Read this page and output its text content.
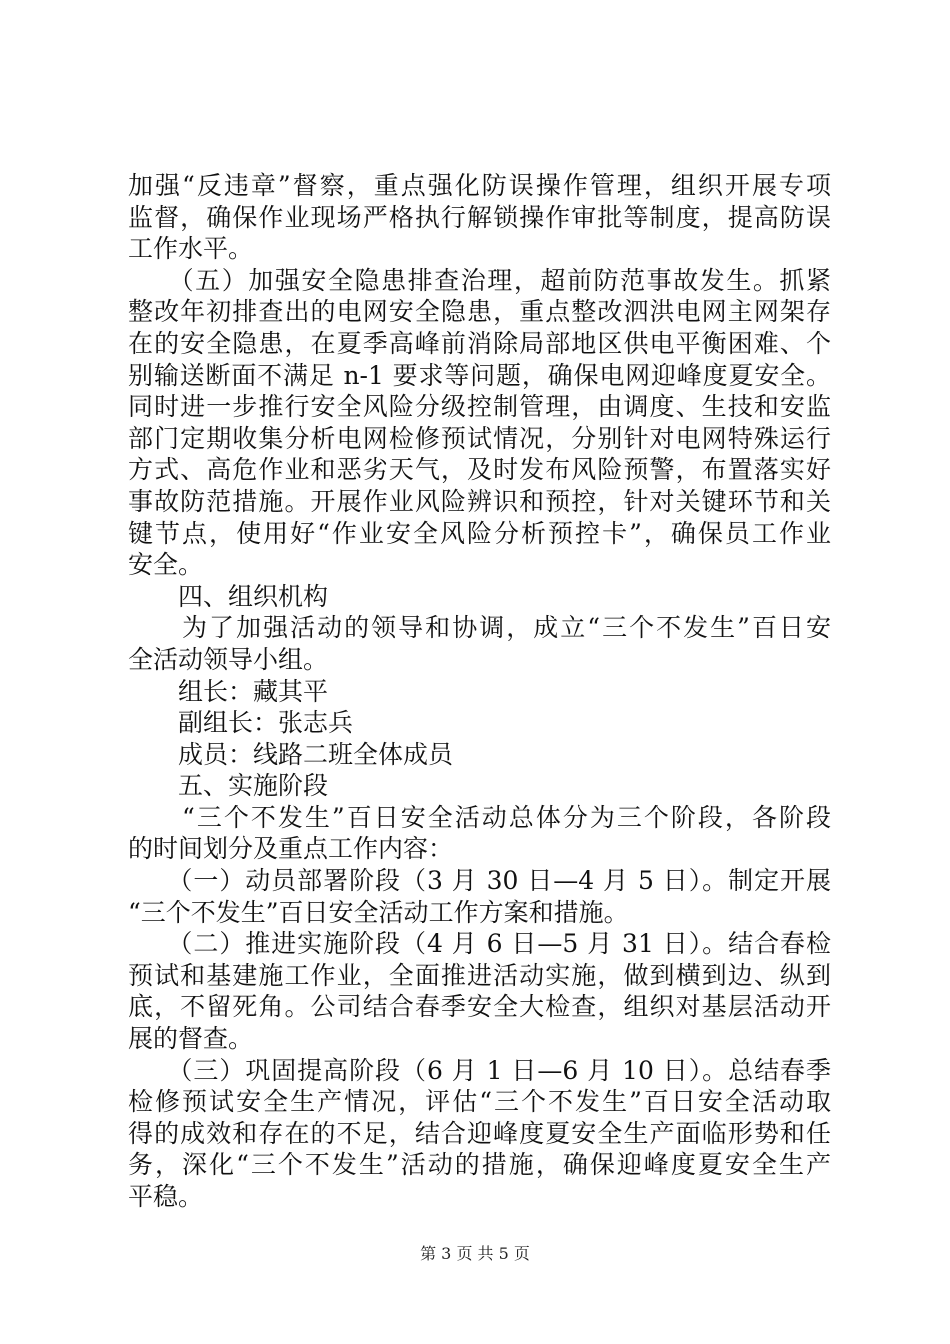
加强“反违章”督察，重点强化防误操作管理，组织开展专项
监督，确保作业现场严格执行解锁操作审批等制度，提高防误
工作水平。
　　（五）加强安全隐患排查治理，超前防范事故发生。抓紧
整改年初排查出的电网安全隐患，重点整改泗洪电网主网架存
在的安全隐患，在夏季高峰前消除局部地区供电平衡困难、个
别输送断面不满足 n-1 要求等问题，确保电网迎峰度夏安全。
同时进一步推行安全风险分级控制管理，由调度、生技和安监
部门定期收集分析电网检修预试情况，分别针对电网特殊运行
方式、高危作业和恶劣天气，及时发布风险预警，布置落实好
事故防范措施。开展作业风险辨识和预控，针对关键环节和关
键节点，使用好“作业安全风险分析预控卡”，确保员工作业
安全。
　　四、组织机构
　　为了加强活动的领导和协调，成立“三个不发生”百日安
全活动领导小组。
　　组长：藏其平
　　副组长：张志兵
　　成员：线路二班全体成员
　　五、实施阶段
　　“三个不发生”百日安全活动总体分为三个阶段，各阶段
的时间划分及重点工作内容：
　　（一）动员部署阶段（3 月 30 日—4 月 5 日）。制定开展
“三个不发生”百日安全活动工作方案和措施。
　　（二）推进实施阶段（4 月 6 日—5 月 31 日）。结合春检
预试和基建施工作业，全面推进活动实施，做到横到边、纵到
底，不留死角。公司结合春季安全大检查，组织对基层活动开
展的督查。
　　（三）巩固提高阶段（6 月 1 日—6 月 10 日）。总结春季
检修预试安全生产情况，评估“三个不发生”百日安全活动取
得的成效和存在的不足，结合迎峰度夏安全生产面临形势和任
务，深化“三个不发生”活动的措施，确保迎峰度夏安全生产
平稳。
第 3 页 共 5 页
